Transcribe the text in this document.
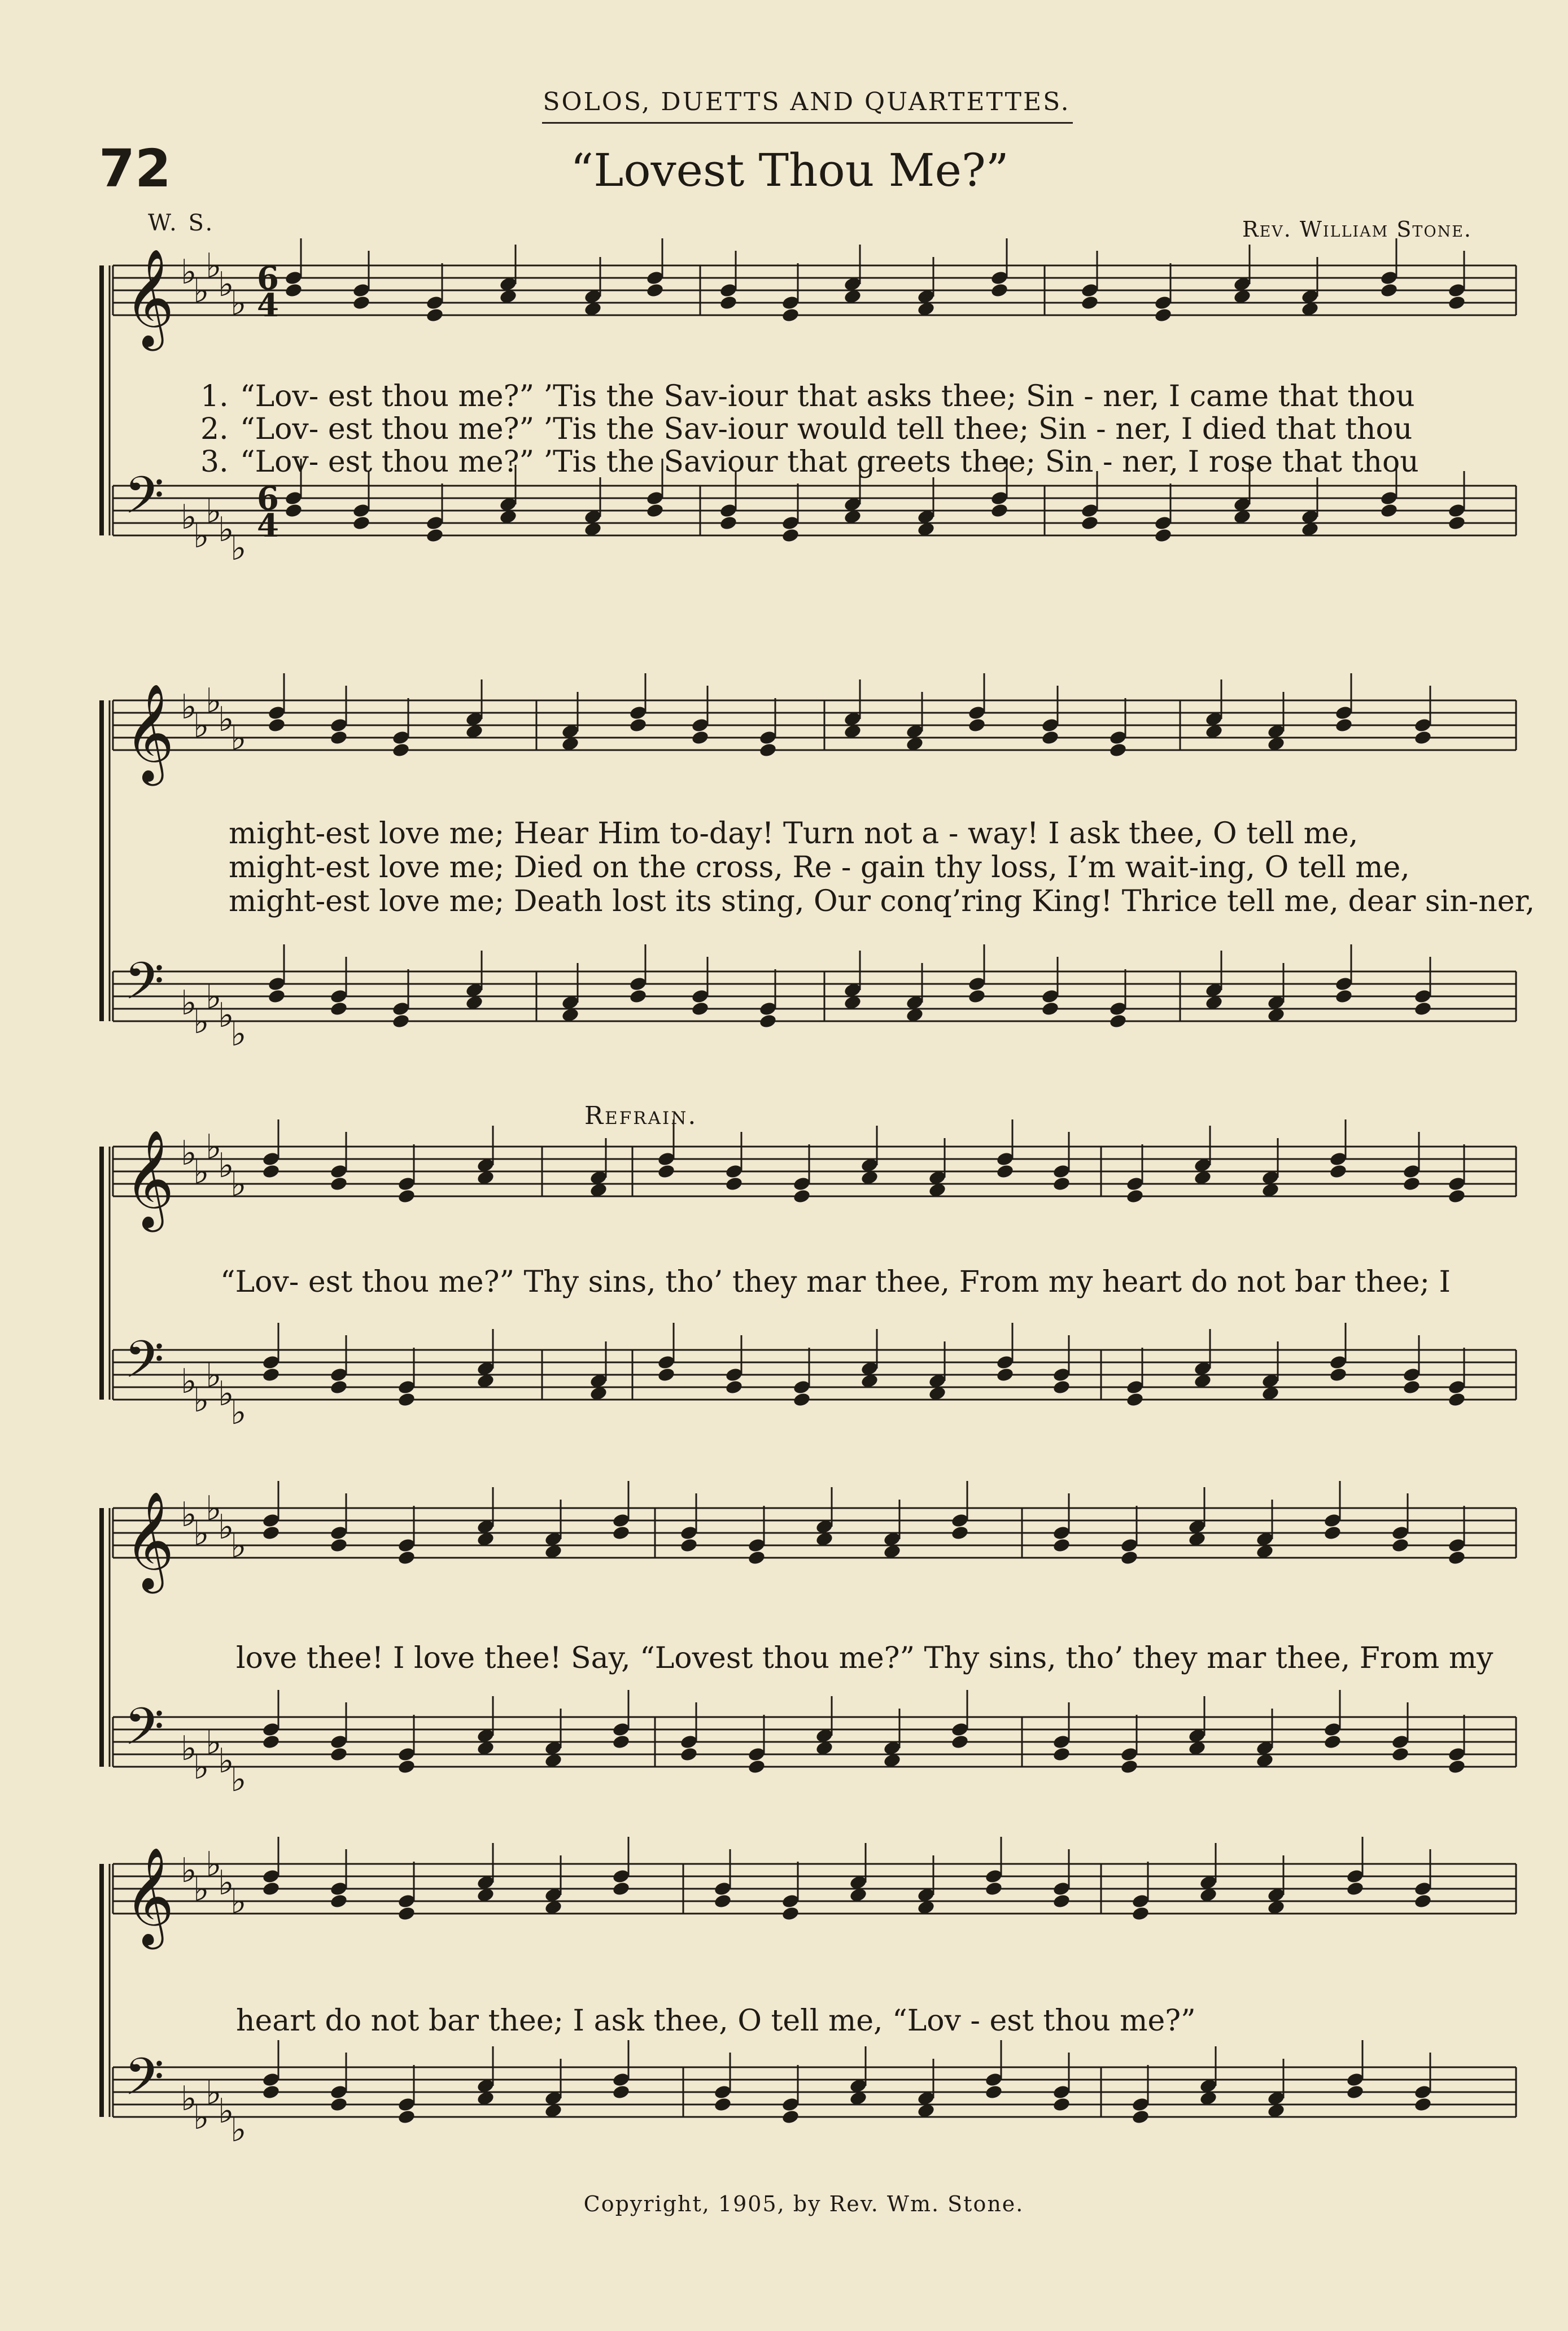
SOLOS, DUETTS AND QUARTETTES.
72	“Lovest Thou Me?”
W. S.	Rev. William Stone.
𝄞 ♭
♭
♭
♭
♭
𝄢 ♭
♭
♭
♭
♭
6
4
6
4
1. “Lov- est thou me?” ’Tis the Sav-iour that asks thee; Sin - ner, I came that thou
2. “Lov- est thou me?” ’Tis the Sav-iour would tell thee; Sin - ner, I died that thou
3. “Lov- est thou me?” ’Tis the Saviour that greets thee; Sin - ner, I rose that thou
𝄞 ♭
♭
♭
♭
♭
𝄢 ♭
♭
♭
♭
♭
might-est love me; Hear Him to-day! Turn not a - way! I ask thee, O tell me,
might-est love me; Died on the cross, Re - gain thy loss, I’m wait-ing, O tell me,
might-est love me; Death lost its sting, Our conq’ring King! Thrice tell me, dear sin-ner,
Refrain.
𝄞 ♭
♭
♭
♭
♭
𝄢 ♭
♭
♭
♭
♭
“Lov- est thou me?” Thy sins, tho’ they mar thee, From my heart do not bar thee; I
𝄞 ♭
♭
♭
♭
♭
𝄢 ♭
♭
♭
♭
♭
love thee! I love thee! Say, “Lovest thou me?” Thy sins, tho’ they mar thee, From my
𝄞 ♭
♭
♭
♭
♭
𝄢 ♭
♭
♭
♭
♭
heart do not bar thee; I ask thee, O tell me, “Lov - est thou me?”
Copyright, 1905, by Rev. Wm. Stone.
